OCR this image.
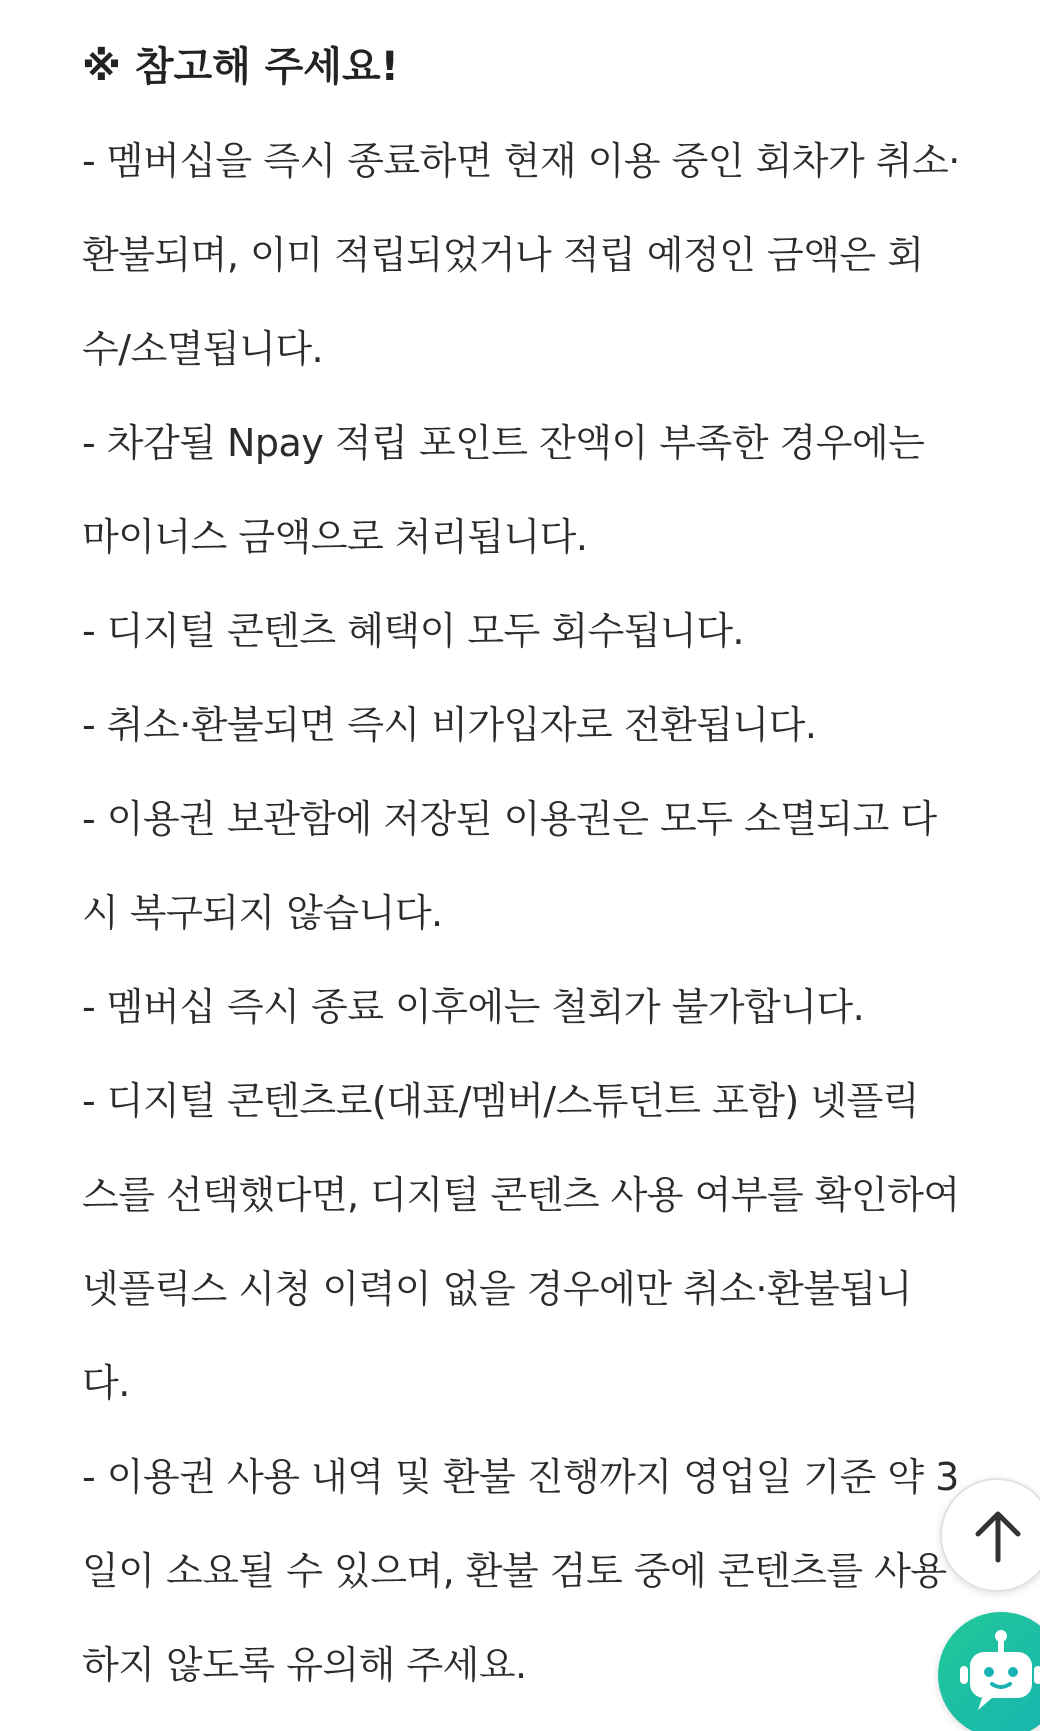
※ 참고해 주세요!
- 멤버십을 즉시 종료하면 현재 이용 중인 회차가 취소·
환불되며, 이미 적립되었거나 적립 예정인 금액은 회
수/소멸됩니다.
- 차감될 Npay 적립 포인트 잔액이 부족한 경우에는
마이너스 금액으로 처리됩니다.
- 디지털 콘텐츠 혜택이 모두 회수됩니다.
- 취소·환불되면 즉시 비가입자로 전환됩니다.
- 이용권 보관함에 저장된 이용권은 모두 소멸되고 다
시 복구되지 않습니다.
- 멤버십 즉시 종료 이후에는 철회가 불가합니다.
- 디지털 콘텐츠로(대표/멤버/스튜던트 포함) 넷플릭
스를 선택했다면, 디지털 콘텐츠 사용 여부를 확인하여
넷플릭스 시청 이력이 없을 경우에만 취소·환불됩니
다.
- 이용권 사용 내역 및 환불 진행까지 영업일 기준 약 3
일이 소요될 수 있으며, 환불 검토 중에 콘텐츠를 사용
하지 않도록 유의해 주세요.
